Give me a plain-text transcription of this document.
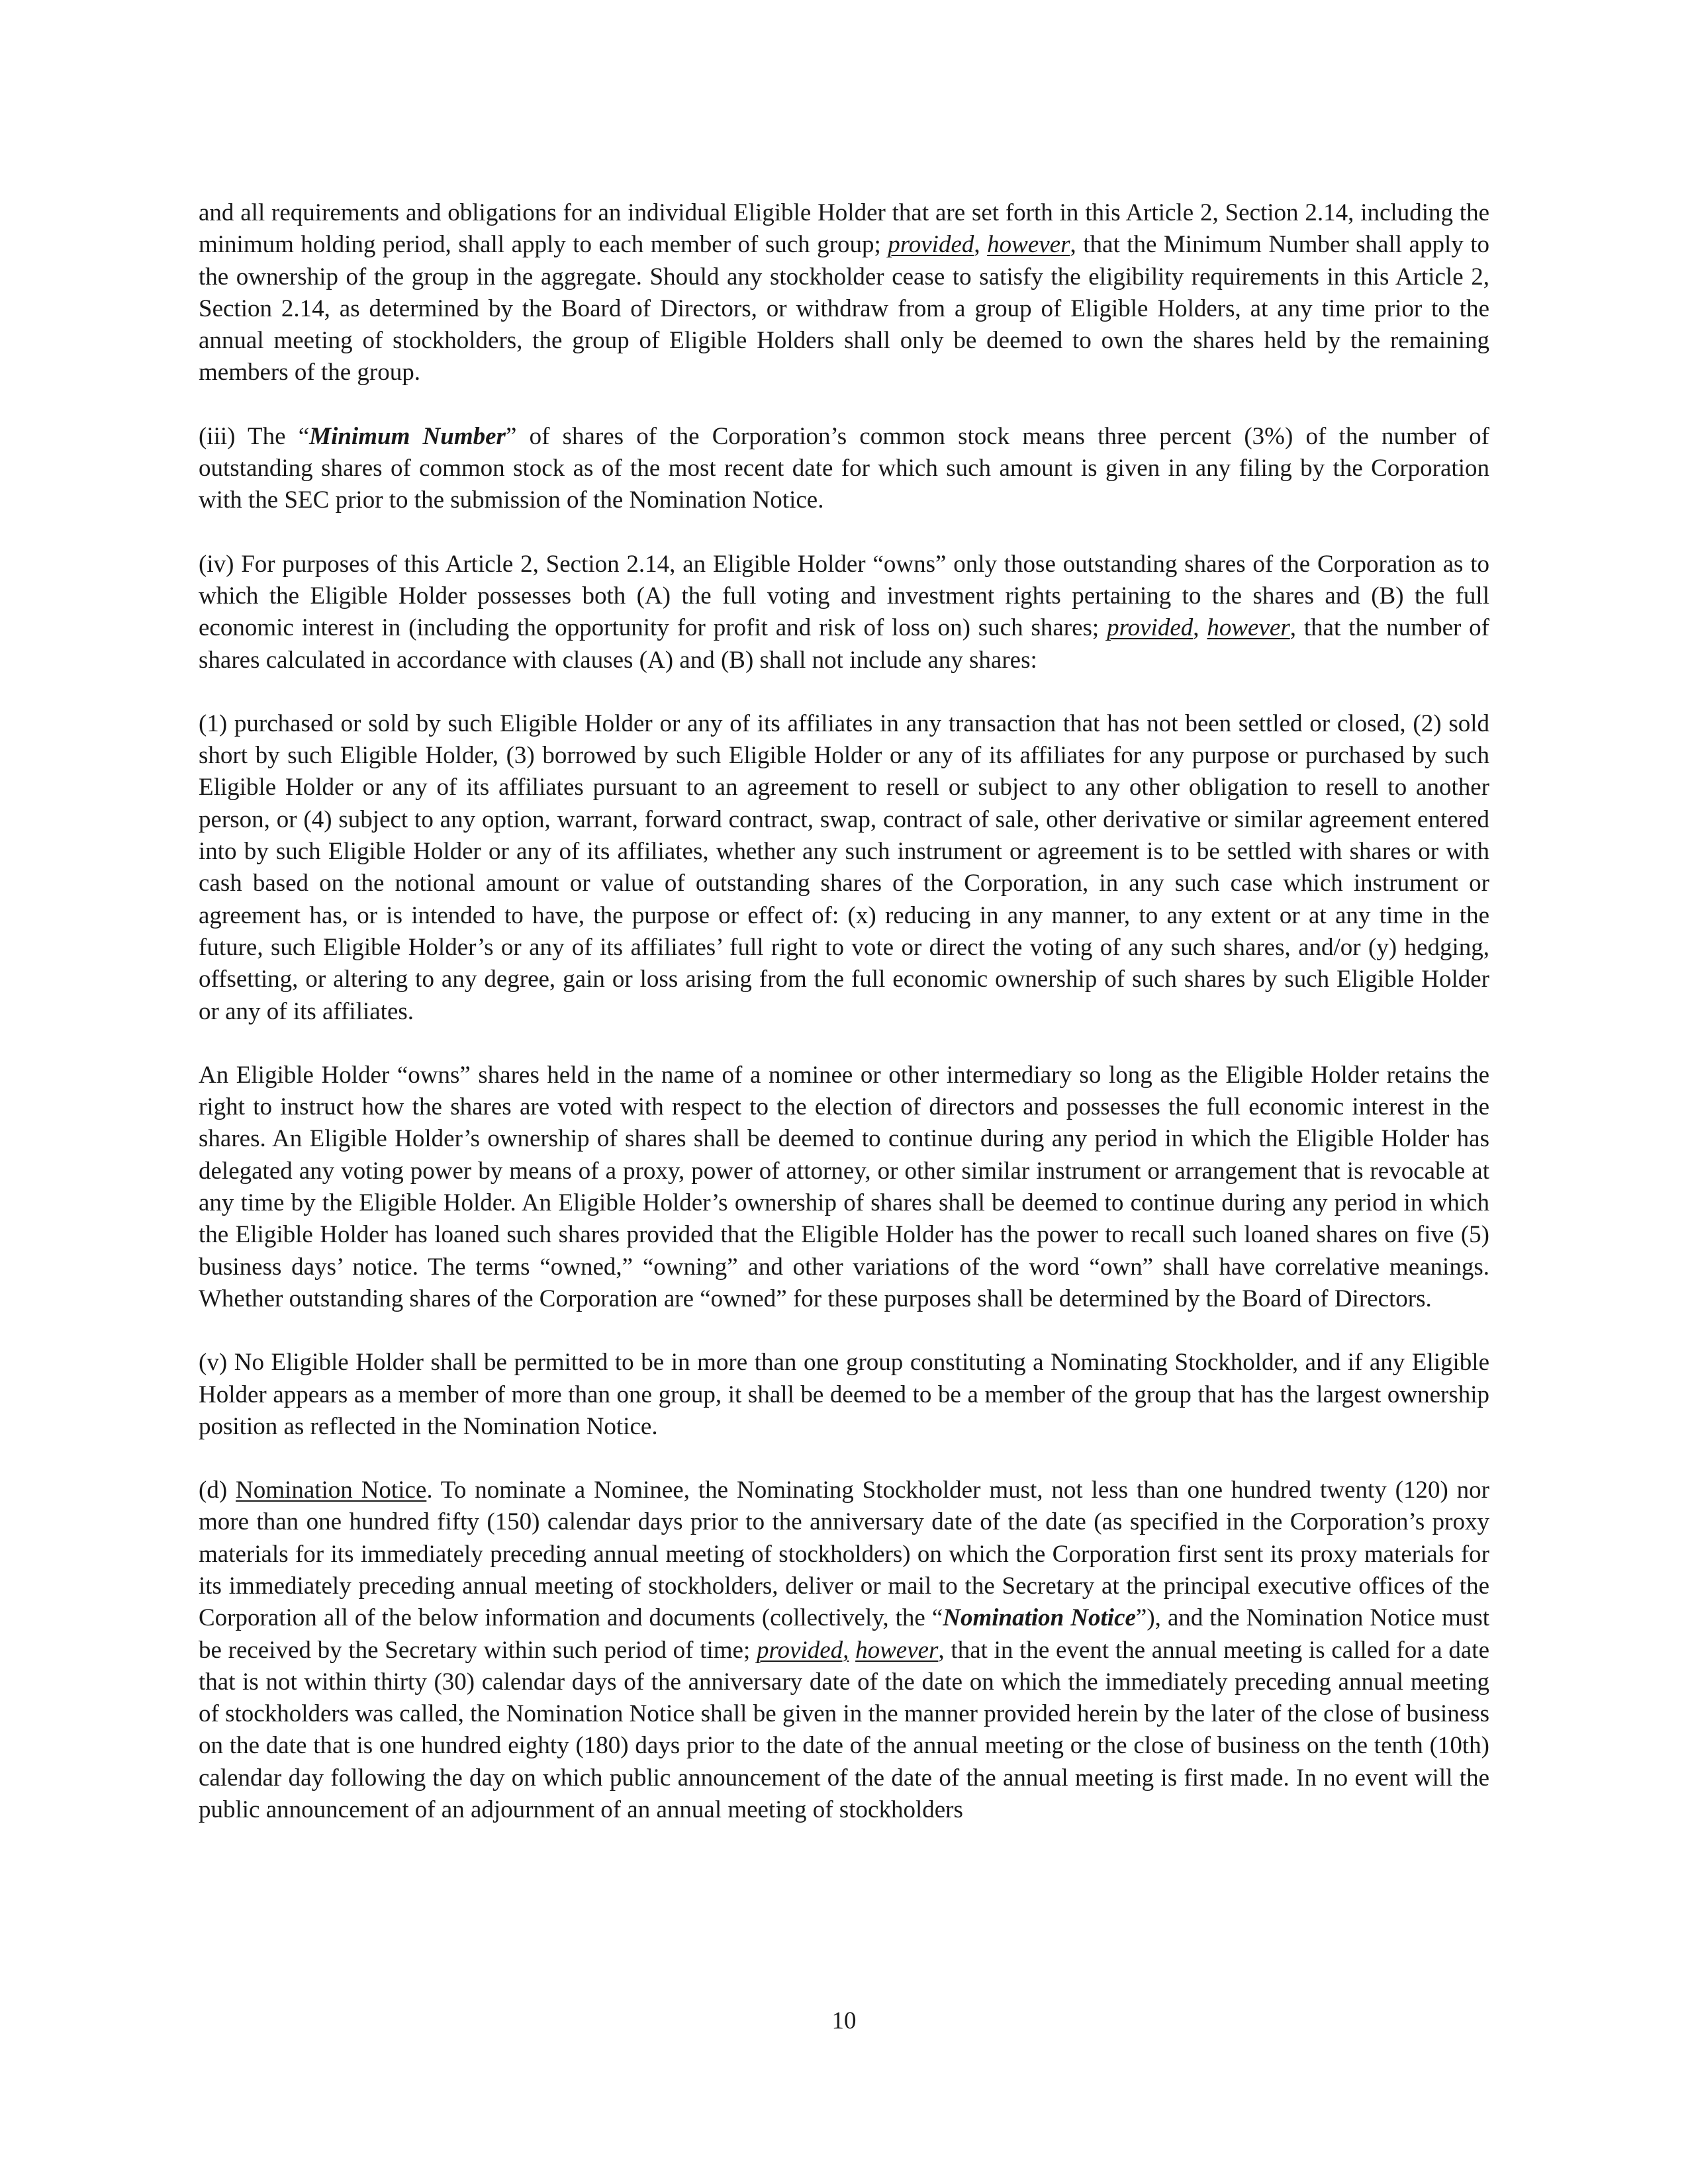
and all requirements and obligations for an individual Eligible Holder that are set forth in this Article 2, Section 2.14, including the minimum holding period, shall apply to each member of such group; provided, however, that the Minimum Number shall apply to the ownership of the group in the aggregate. Should any stockholder cease to satisfy the eligibility requirements in this Article 2, Section 2.14, as determined by the Board of Directors, or withdraw from a group of Eligible Holders, at any time prior to the annual meeting of stockholders, the group of Eligible Holders shall only be deemed to own the shares held by the remaining members of the group.

(iii) The “Minimum Number” of shares of the Corporation’s common stock means three percent (3%) of the number of outstanding shares of common stock as of the most recent date for which such amount is given in any filing by the Corporation with the SEC prior to the submission of the Nomination Notice.

(iv) For purposes of this Article 2, Section 2.14, an Eligible Holder “owns” only those outstanding shares of the Corporation as to which the Eligible Holder possesses both (A) the full voting and investment rights pertaining to the shares and (B) the full economic interest in (including the opportunity for profit and risk of loss on) such shares; provided, however, that the number of shares calculated in accordance with clauses (A) and (B) shall not include any shares:

(1) purchased or sold by such Eligible Holder or any of its affiliates in any transaction that has not been settled or closed, (2) sold short by such Eligible Holder, (3) borrowed by such Eligible Holder or any of its affiliates for any purpose or purchased by such Eligible Holder or any of its affiliates pursuant to an agreement to resell or subject to any other obligation to resell to another person, or (4) subject to any option, warrant, forward contract, swap, contract of sale, other derivative or similar agreement entered into by such Eligible Holder or any of its affiliates, whether any such instrument or agreement is to be settled with shares or with cash based on the notional amount or value of outstanding shares of the Corporation, in any such case which instrument or agreement has, or is intended to have, the purpose or effect of: (x) reducing in any manner, to any extent or at any time in the future, such Eligible Holder’s or any of its affiliates’ full right to vote or direct the voting of any such shares, and/or (y) hedging, offsetting, or altering to any degree, gain or loss arising from the full economic ownership of such shares by such Eligible Holder or any of its affiliates.

An Eligible Holder “owns” shares held in the name of a nominee or other intermediary so long as the Eligible Holder retains the right to instruct how the shares are voted with respect to the election of directors and possesses the full economic interest in the shares. An Eligible Holder’s ownership of shares shall be deemed to continue during any period in which the Eligible Holder has delegated any voting power by means of a proxy, power of attorney, or other similar instrument or arrangement that is revocable at any time by the Eligible Holder. An Eligible Holder’s ownership of shares shall be deemed to continue during any period in which the Eligible Holder has loaned such shares provided that the Eligible Holder has the power to recall such loaned shares on five (5) business days’ notice. The terms “owned,” “owning” and other variations of the word “own” shall have correlative meanings. Whether outstanding shares of the Corporation are “owned” for these purposes shall be determined by the Board of Directors.

(v) No Eligible Holder shall be permitted to be in more than one group constituting a Nominating Stockholder, and if any Eligible Holder appears as a member of more than one group, it shall be deemed to be a member of the group that has the largest ownership position as reflected in the Nomination Notice.

(d) Nomination Notice. To nominate a Nominee, the Nominating Stockholder must, not less than one hundred twenty (120) nor more than one hundred fifty (150) calendar days prior to the anniversary date of the date (as specified in the Corporation’s proxy materials for its immediately preceding annual meeting of stockholders) on which the Corporation first sent its proxy materials for its immediately preceding annual meeting of stockholders, deliver or mail to the Secretary at the principal executive offices of the Corporation all of the below information and documents (collectively, the “Nomination Notice”), and the Nomination Notice must be received by the Secretary within such period of time; provided, however, that in the event the annual meeting is called for a date that is not within thirty (30) calendar days of the anniversary date of the date on which the immediately preceding annual meeting of stockholders was called, the Nomination Notice shall be given in the manner provided herein by the later of the close of business on the date that is one hundred eighty (180) days prior to the date of the annual meeting or the close of business on the tenth (10th) calendar day following the day on which public announcement of the date of the annual meeting is first made. In no event will the public announcement of an adjournment of an annual meeting of stockholders

10
